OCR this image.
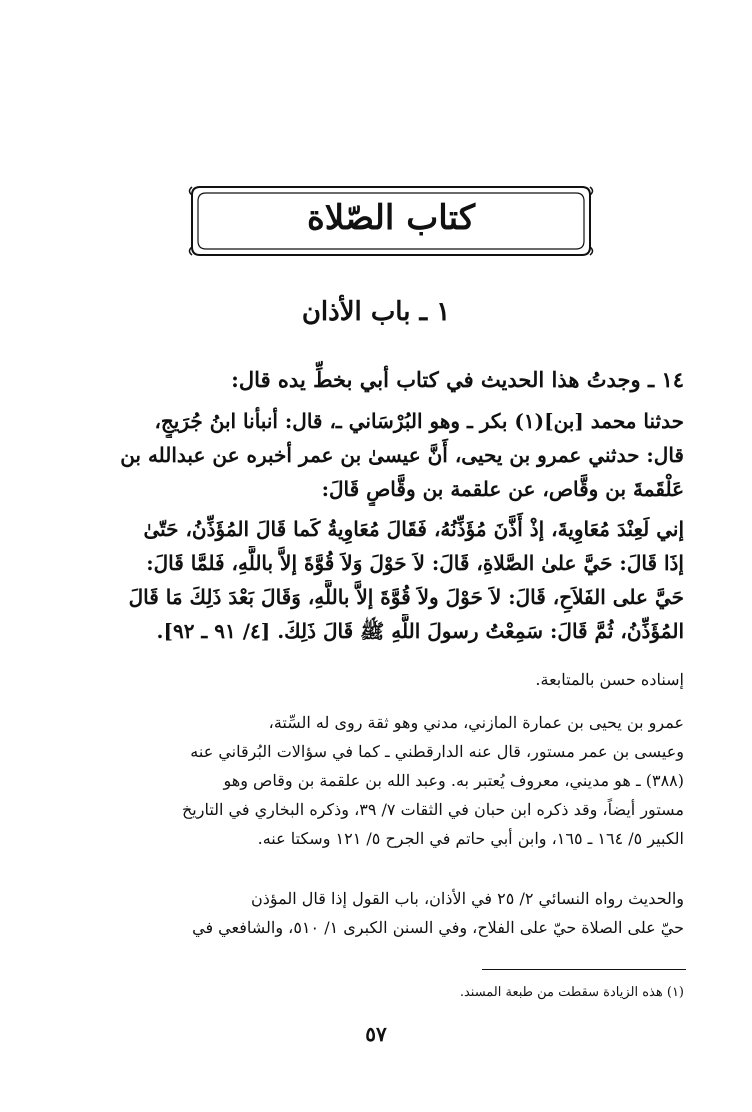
كتاب الصّلاة
١ ـ باب الأذان

١٤ ـ وجدتُ هذا الحديث في كتاب أبي بخطِّ يده قال:

حدثنا محمد [بن](١) بكر ـ وهو البُرْسَاني ـ، قال: أنبأنا ابنُ جُرَيجٍ،
قال: حدثني عمرو بن يحيى، أَنَّ عيسىٰ بن عمر أخبره عن عبدالله بن
عَلْقَمةَ بن وقَّاص، عن علقمة بن وقَّاصٍ قَالَ:
إني لَعِنْدَ مُعَاوِيةَ، إذْ أَذَّنَ مُؤَذِّنُهُ، فَقَالَ مُعَاوِيةُ كَما قَالَ المُؤَذِّنُ، حَتّىٰ
إذَا قَالَ: حَيَّ علىٰ الصَّلاةِ، قَالَ: لاَ حَوْلَ وَلاَ قُوَّةَ إلاَّ باللَّهِ، فَلمَّا قَالَ:
حَيَّ على الفَلاَحِ، قَالَ: لاَ حَوْلَ ولاَ قُوَّةَ إلاَّ باللَّهِ، وَقَالَ بَعْدَ ذَلِكَ مَا قَالَ
المُؤَذِّنُ، ثُمَّ قَالَ: سَمِعْتُ رسولَ اللَّهِ ﷺ قَالَ ذَلِكَ. [٤/ ٩١ ـ ٩٢].

إسناده حسن بالمتابعة.

عمرو بن يحيى بن عمارة المازني، مدني وهو ثقة روى له السِّتة،
وعيسى بن عمر مستور، قال عنه الدارقطني ـ كما في سؤالات البُرقاني عنه
(٣٨٨) ـ هو مديني، معروف يُعتبر به. وعبد الله بن علقمة بن وقاص وهو
مستور أيضاً، وقد ذكره ابن حبان في الثقات ٧/ ٣٩، وذكره البخاري في التاريخ
الكبير ٥/ ١٦٤ ـ ١٦٥، وابن أبي حاتم في الجرح ٥/ ١٢١ وسكتا عنه.
والحديث رواه النسائي ٢/ ٢٥ في الأذان، باب القول إذا قال المؤذن
حيّ على الصلاة حيّ على الفلاح، وفي السنن الكبرى ١/ ٥١٠، والشافعي في
(١) هذه الزيادة سقطت من طبعة المسند.
٥٧
